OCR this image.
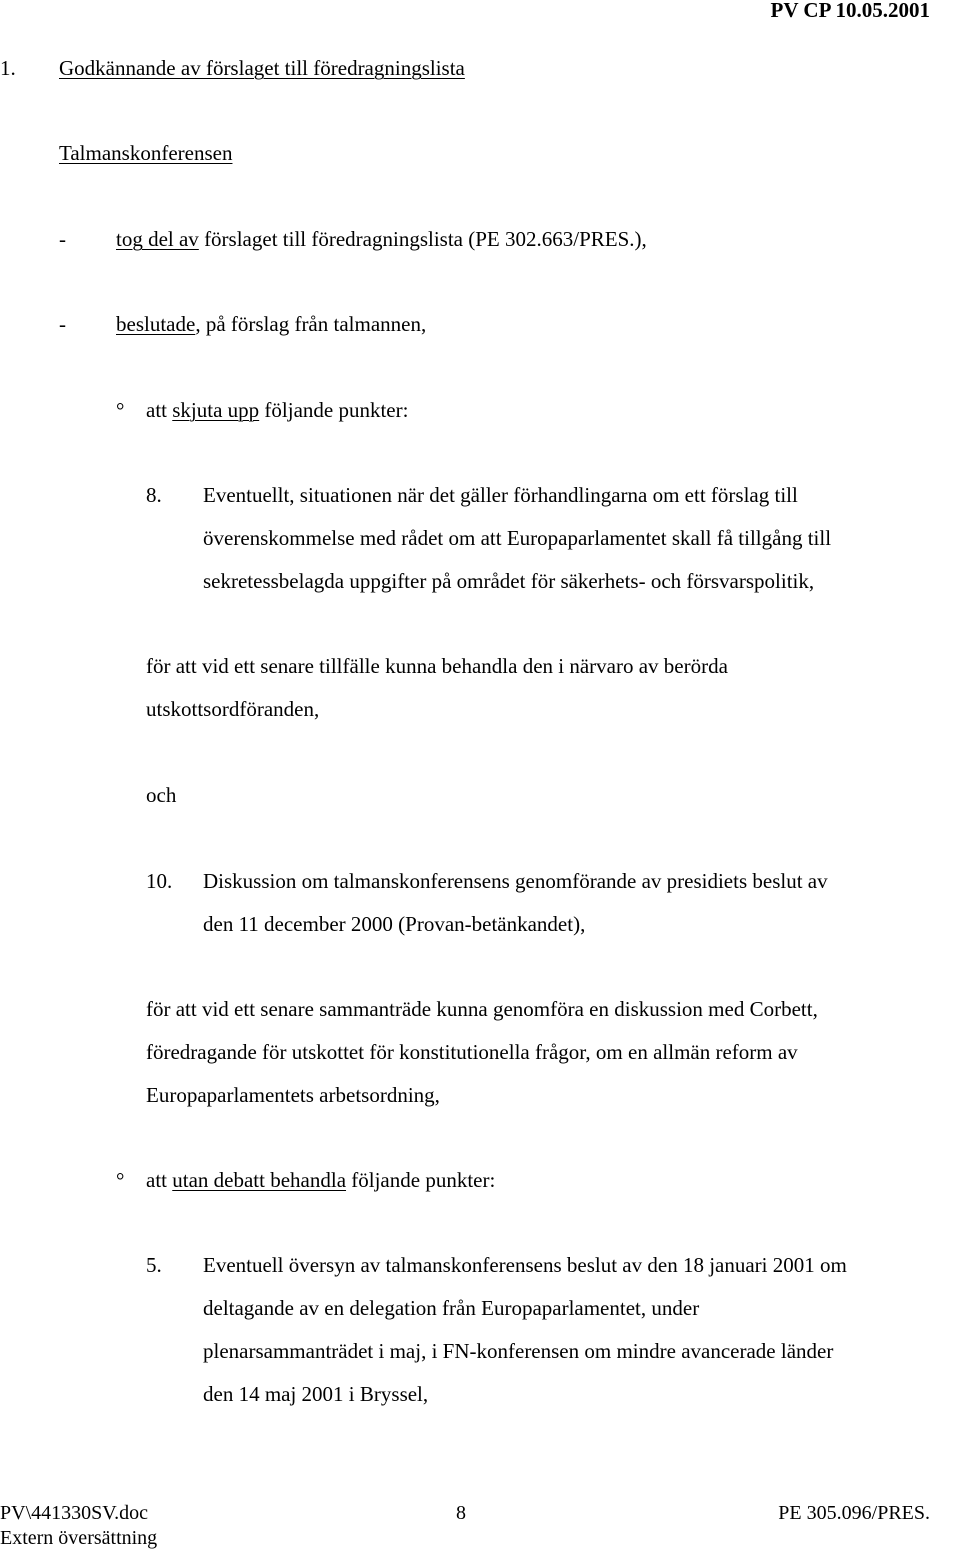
PV CP 10.05.2001
1. Godkännande av förslaget till föredragningslista
Talmanskonferensen
- tog del av förslaget till föredragningslista (PE 302.663/PRES.),
- beslutade, på förslag från talmannen,
° att skjuta upp följande punkter:
8. Eventuellt, situationen när det gäller förhandlingarna om ett förslag till
överenskommelse med rådet om att Europaparlamentet skall få tillgång till
sekretessbelagda uppgifter på området för säkerhets- och försvarspolitik,
för att vid ett senare tillfälle kunna behandla den i närvaro av berörda
utskottsordföranden,
och
10. Diskussion om talmanskonferensens genomförande av presidiets beslut av
den 11 december 2000 (Provan-betänkandet),
för att vid ett senare sammanträde kunna genomföra en diskussion med Corbett,
föredragande för utskottet för konstitutionella frågor, om en allmän reform av
Europaparlamentets arbetsordning,
° att utan debatt behandla följande punkter:
5. Eventuell översyn av talmanskonferensens beslut av den 18 januari 2001 om
deltagande av en delegation från Europaparlamentet, under
plenarsammanträdet i maj, i FN-konferensen om mindre avancerade länder
den 14 maj 2001 i Bryssel,
PV\441330SV.doc	8	PE 305.096/PRES.
Extern översättning
